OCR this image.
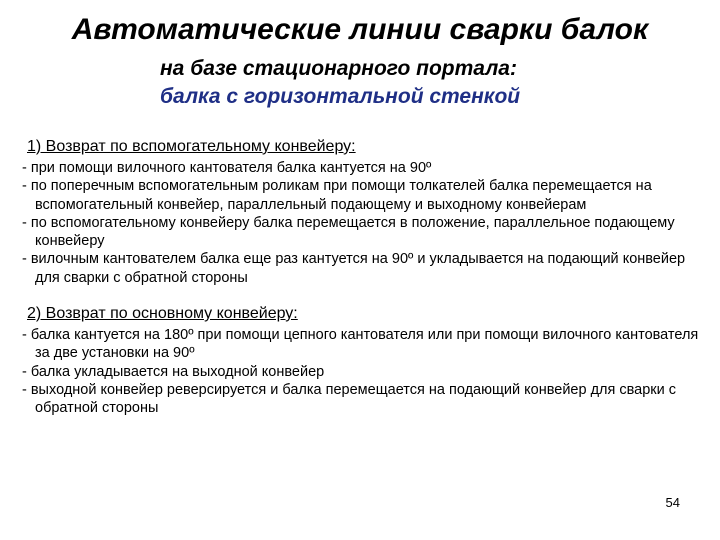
Автоматические линии сварки балок

на базе стационарного портала:

балка с горизонтальной стенкой

1) Возврат по вспомогательному конвейеру:

- при помощи вилочного кантователя балка кантуется на 90º
- по поперечным вспомогательным роликам при помощи толкателей балка перемещается на вспомогательный конвейер, параллельный подающему и выходному конвейерам
- по вспомогательному конвейеру балка перемещается в положение, параллельное подающему конвейеру
- вилочным кантователем балка еще раз кантуется на 90º и укладывается на подающий конвейер для сварки с обратной стороны

2) Возврат по основному конвейеру:

- балка кантуется на 180º при помощи цепного кантователя или при помощи вилочного кантователя за две установки на 90º
- балка укладывается на выходной конвейер
- выходной конвейер реверсируется и балка перемещается на подающий конвейер для сварки с обратной стороны
54
